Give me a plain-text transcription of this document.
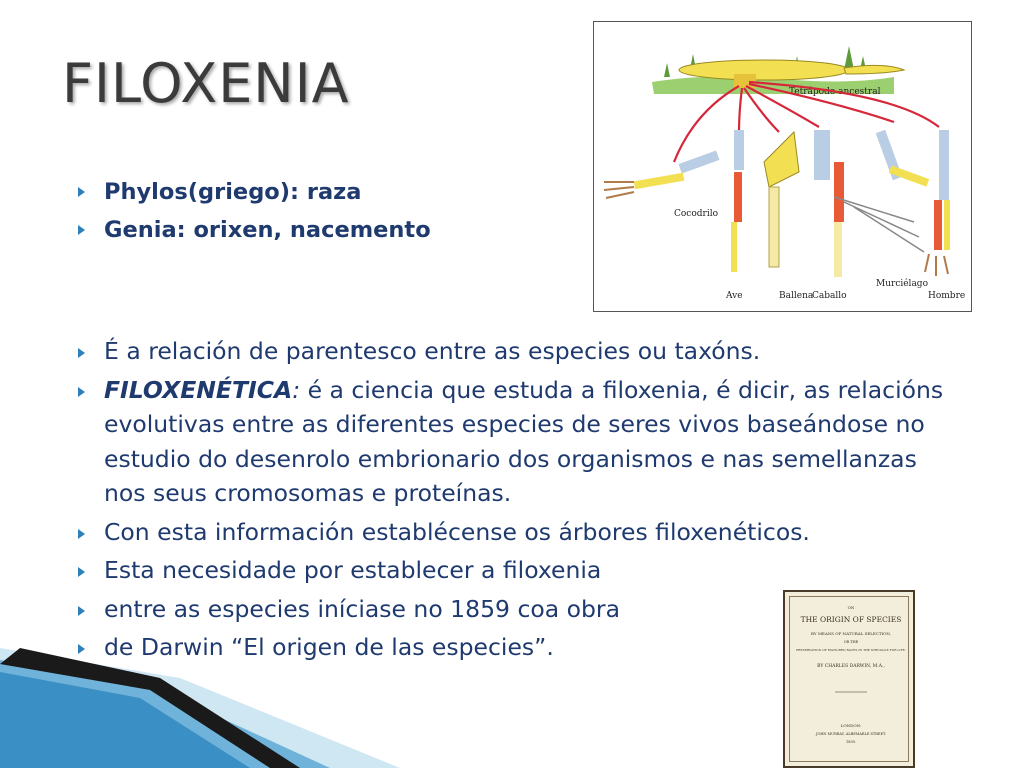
FILOXENIA
Phylos(griego): raza
Genia: orixen, nacemento
É a relación de parentesco entre as especies ou taxóns.
FILOXENÉTICA: é a ciencia que estuda a filoxenia, é dicir, as relacións evolutivas entre as diferentes especies de seres vivos baseándose no estudio do desenrolo embrionario dos organismos e nas semellanzas nos seus cromosomas e proteínas.
Con esta información establécense os árbores filoxenéticos.
Esta necesidade por establecer a filoxenia
entre as especies iníciase no 1859 coa obra
de Darwin “El origen de las especies”.
Tetrápodo ancestral
Cocodrilo
Ave	Ballena
Caballo
Murciélago
Hombre
ON
THE ORIGIN OF SPECIES
BY MEANS OF NATURAL SELECTION,
OR THE
PRESERVATION OF FAVOURED RACES IN THE STRUGGLE FOR LIFE.
BY CHARLES DARWIN, M.A.,
LONDON:
JOHN MURRAY, ALBEMARLE STREET.
1859.
